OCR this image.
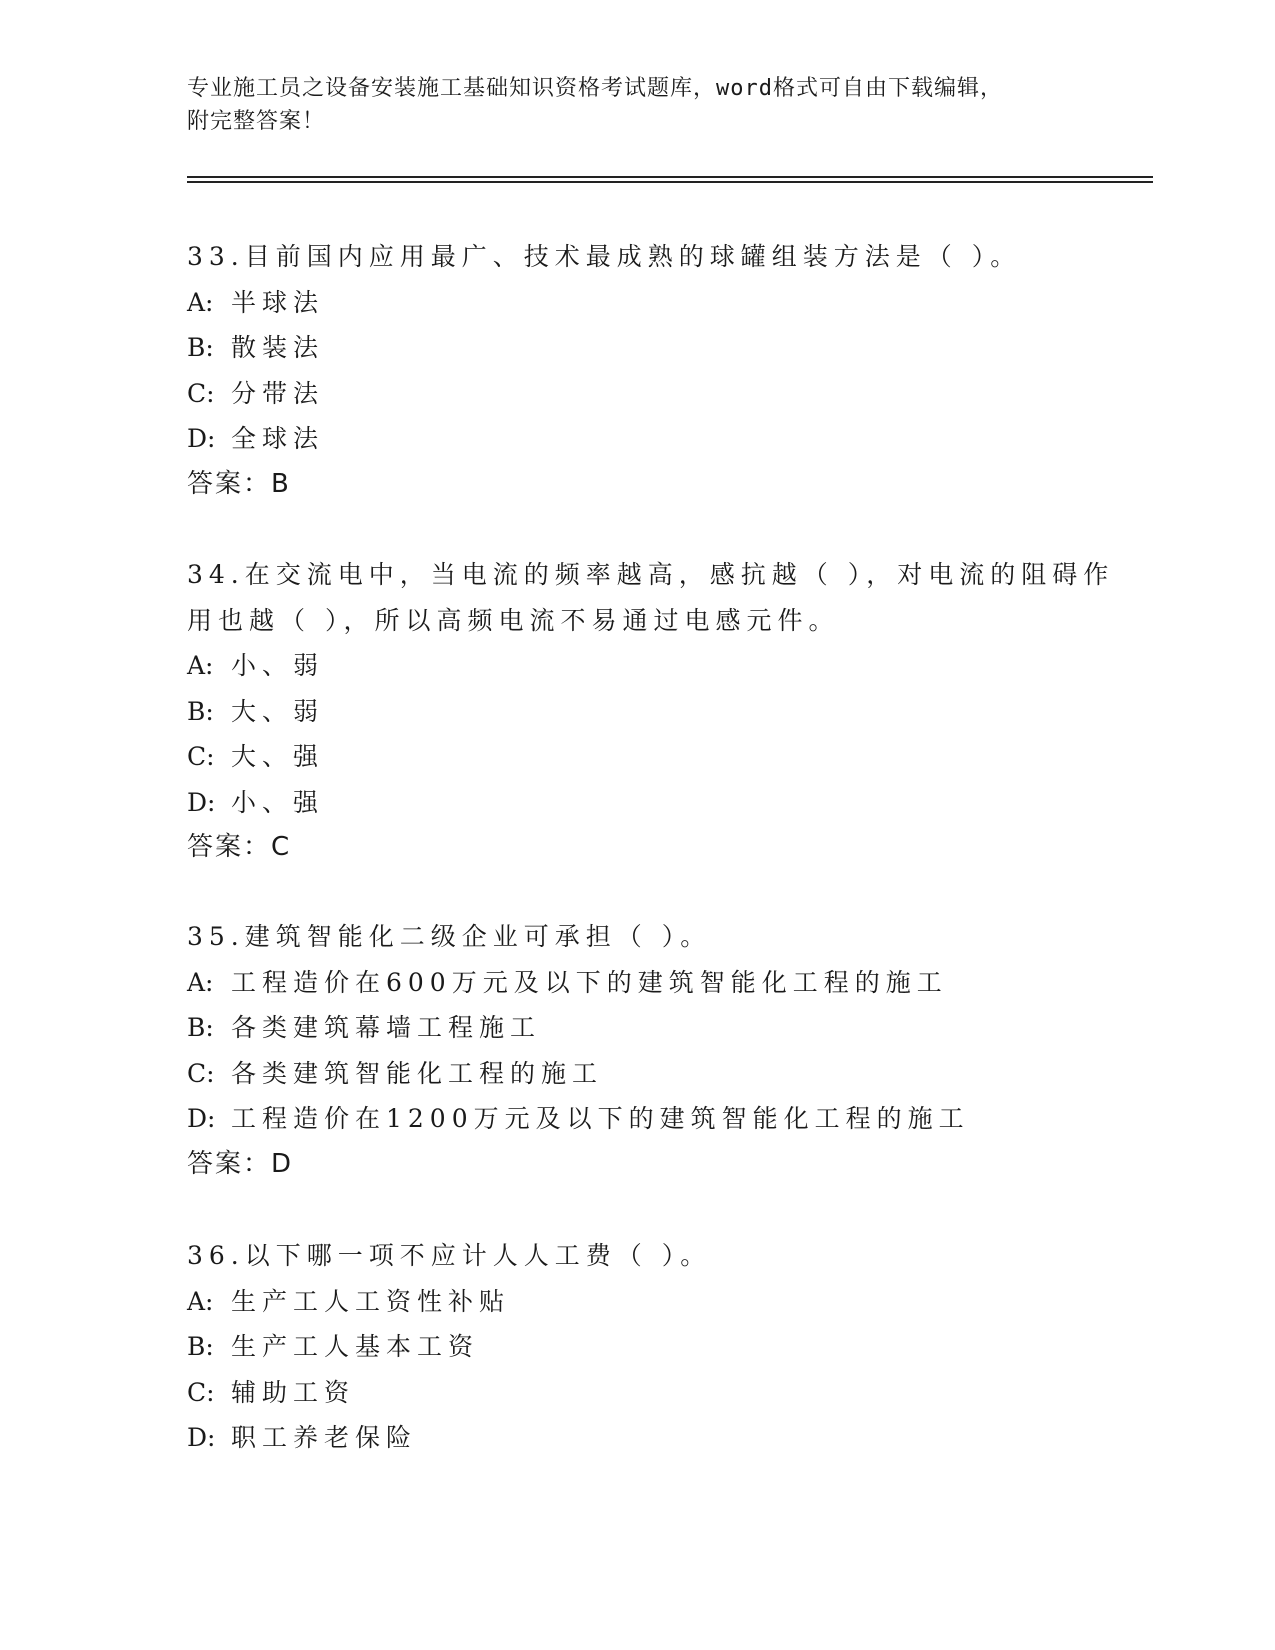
专业施工员之设备安装施工基础知识资格考试题库，word格式可自由下载编辑，
附完整答案！
33.目前国内应用最广、技术最成熟的球罐组装方法是（ ）。
A: 半球法
B: 散装法
C: 分带法
D: 全球法
答案：B
34.在交流电中，当电流的频率越高，感抗越（ ），对电流的阻碍作
用也越（ ），所以高频电流不易通过电感元件。
A: 小、弱
B: 大、弱
C: 大、强
D: 小、强
答案：C
35.建筑智能化二级企业可承担（ ）。
A: 工程造价在600万元及以下的建筑智能化工程的施工
B: 各类建筑幕墙工程施工
C: 各类建筑智能化工程的施工
D: 工程造价在1200万元及以下的建筑智能化工程的施工
答案：D
36.以下哪一项不应计人人工费（ ）。
A: 生产工人工资性补贴
B: 生产工人基本工资
C: 辅助工资
D: 职工养老保险
